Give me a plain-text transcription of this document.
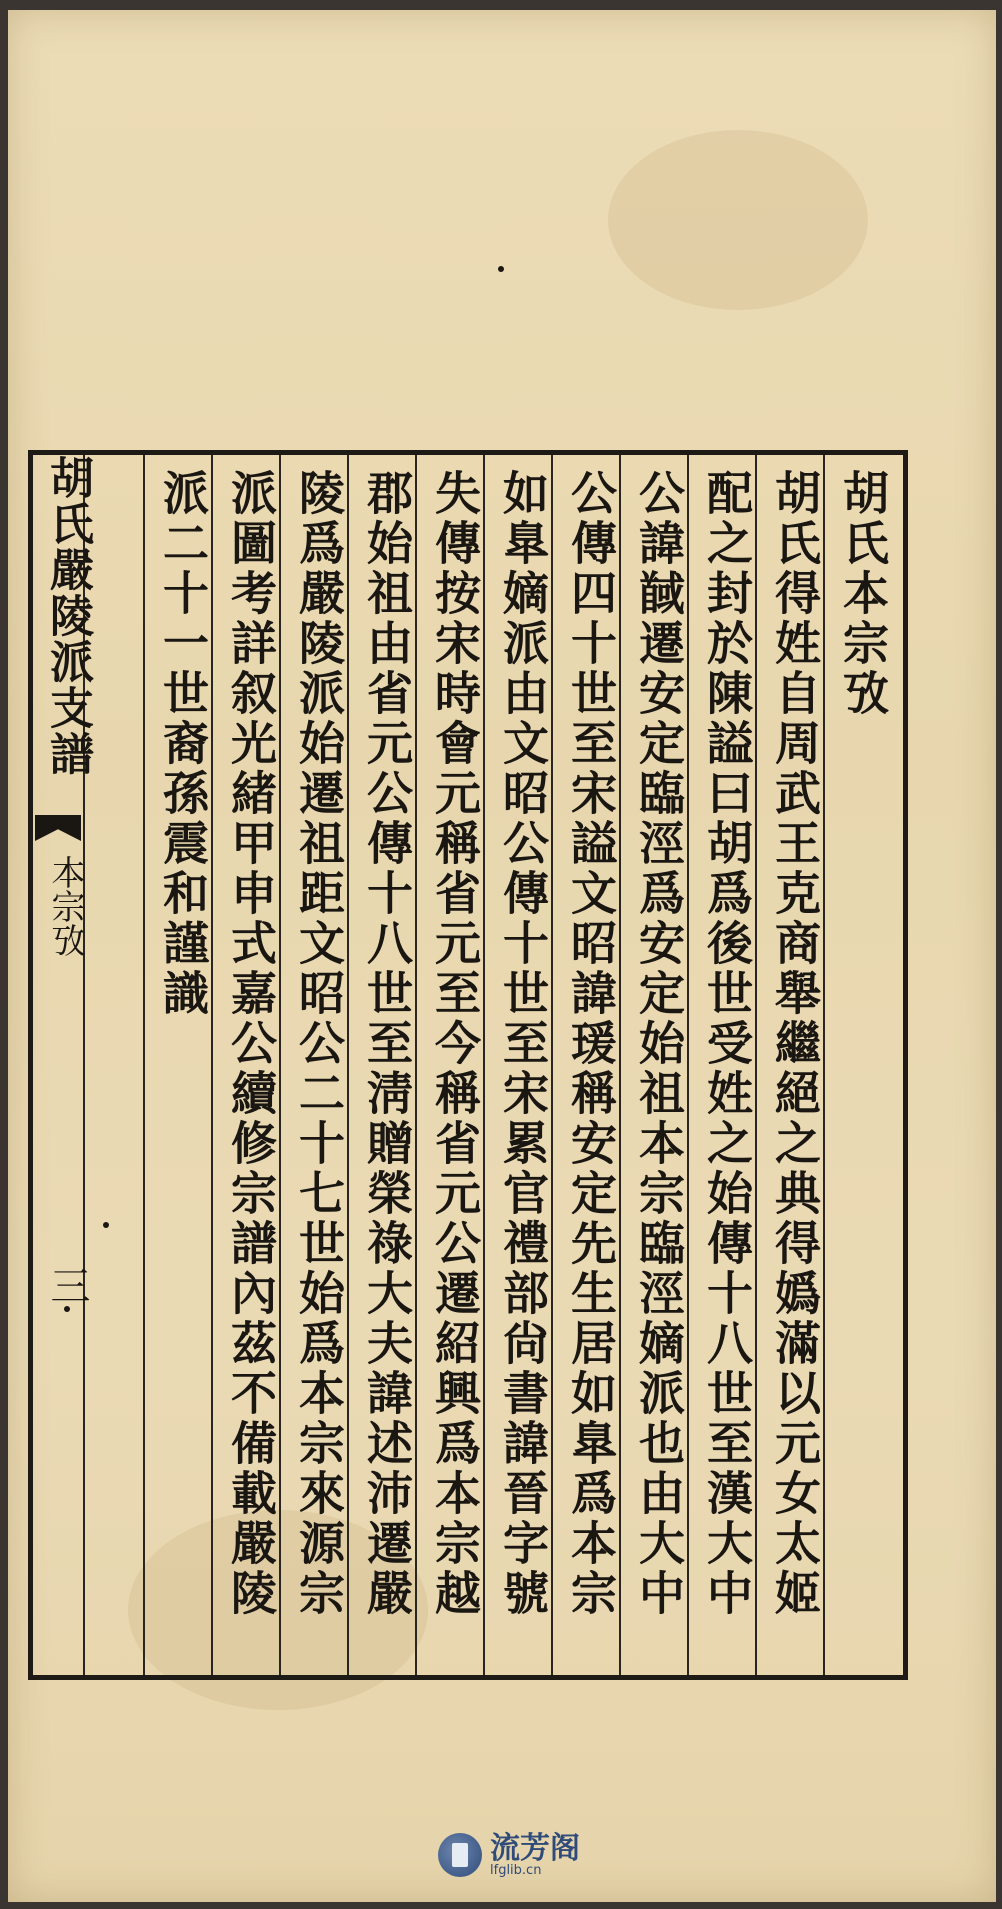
胡氏嚴陵派支譜
本宗攷
三
胡氏本宗攷
胡氏得姓自周武王克商舉繼絕之典得嬀滿以元女太姬
配之封於陳謚曰胡爲後世受姓之始傳十八世至漢大中
公諱馘遷安定臨涇爲安定始祖本宗臨涇嫡派也由大中
公傳四十世至宋謚文昭諱瑗稱安定先生居如臯爲本宗
如臯嫡派由文昭公傳十世至宋累官禮部尙書諱晉字號
失傳按宋時會元稱省元至今稱省元公遷紹興爲本宗越
郡始祖由省元公傳十八世至淸贈榮祿大夫諱述沛遷嚴
陵爲嚴陵派始遷祖距文昭公二十七世始爲本宗來源宗
派圖考詳叙光緒甲申式嘉公續修宗譜內茲不備載嚴陵
派二十一世裔孫震和謹識
流芳阁
lfglib.cn
